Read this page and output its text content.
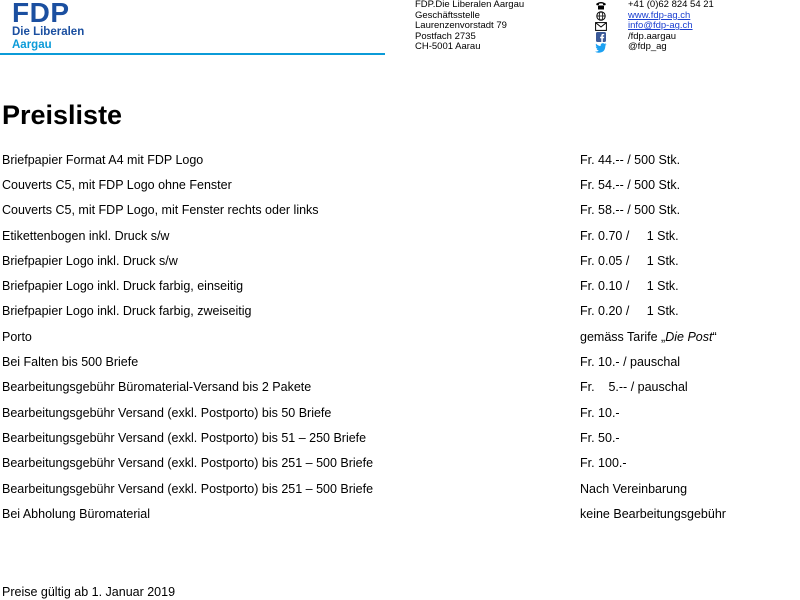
FDP
Die Liberalen
Aargau
FDP.Die Liberalen Aargau
Geschäftsstelle
Laurenzenvorstadt 79
Postfach 2735
CH-5001 Aarau
+41 (0)62 824 54 21
www.fdp-ag.ch
info@fdp-ag.ch
/fdp.aargau
@fdp_ag
Preisliste
Briefpapier Format A4 mit FDP Logo	Fr. 44.-- / 500 Stk.
Couverts C5, mit FDP Logo ohne Fenster	Fr. 54.-- / 500 Stk.
Couverts C5, mit FDP Logo, mit Fenster rechts oder links	Fr. 58.-- / 500 Stk.
Etikettenbogen inkl. Druck s/w	Fr. 0.70 /     1 Stk.
Briefpapier Logo inkl. Druck s/w	Fr. 0.05 /     1 Stk.
Briefpapier Logo inkl. Druck farbig, einseitig	Fr. 0.10 /     1 Stk.
Briefpapier Logo inkl. Druck farbig, zweiseitig	Fr. 0.20 /     1 Stk.
Porto	gemäss Tarife „Die Post“
Bei Falten bis 500 Briefe	Fr. 10.- / pauschal
Bearbeitungsgebühr Büromaterial-Versand bis 2 Pakete	Fr.    5.-- / pauschal
Bearbeitungsgebühr Versand (exkl. Postporto) bis 50 Briefe	Fr. 10.-
Bearbeitungsgebühr Versand (exkl. Postporto) bis 51 – 250 Briefe	Fr. 50.-
Bearbeitungsgebühr Versand (exkl. Postporto) bis 251 – 500 Briefe	Fr. 100.-
Bearbeitungsgebühr Versand (exkl. Postporto) bis 251 – 500 Briefe	Nach Vereinbarung
Bei Abholung Büromaterial	keine Bearbeitungsgebühr
Preise gültig ab 1. Januar 2019
